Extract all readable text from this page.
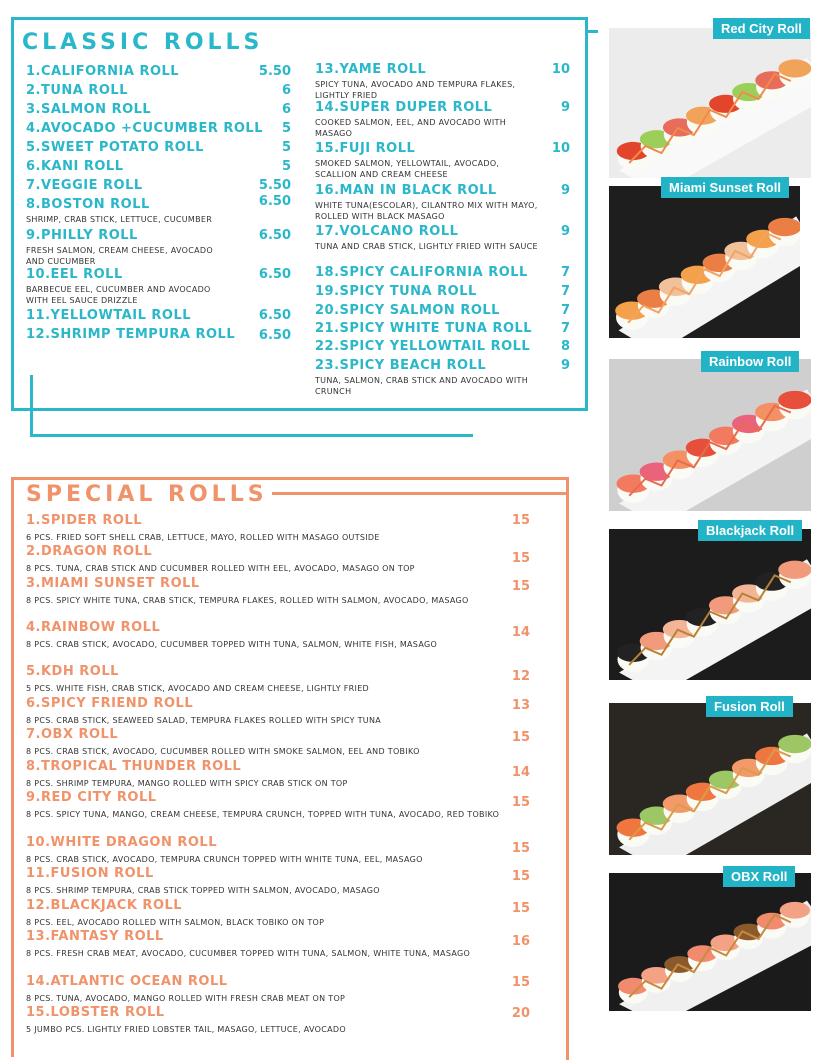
CLASSIC ROLLS
1.CALIFORNIA ROLL	5.50
2.TUNA ROLL	6
3.SALMON ROLL	6
4.AVOCADO +CUCUMBER ROLL 5
5.SWEET POTATO ROLL	5
6.KANI ROLL	5
7.VEGGIE ROLL	5.50
8.BOSTON ROLL	6.50
SHRIMP, CRAB STICK, LETTUCE, CUCUMBER
9.PHILLY ROLL	6.50
FRESH SALMON, CREAM CHEESE, AVOCADO AND CUCUMBER
10.EEL ROLL	6.50
BARBECUE EEL, CUCUMBER AND AVOCADO WITH EEL SAUCE DRIZZLE
11.YELLOWTAIL ROLL	6.50
12.SHRIMP TEMPURA ROLL 6.50
13.YAME ROLL	10
SPICY TUNA, AVOCADO AND TEMPURA FLAKES, LIGHTLY FRIED
14.SUPER DUPER ROLL	9
COOKED SALMON, EEL, AND AVOCADO WITH MASAGO
15.FUJI ROLL	10
SMOKED SALMON, YELLOWTAIL, AVOCADO, SCALLION AND CREAM CHEESE
16.MAN IN BLACK ROLL	9
WHITE TUNA(ESCOLAR), CILANTRO MIX WITH MAYO, ROLLED WITH BLACK MASAGO
17.VOLCANO ROLL	9
TUNA AND CRAB STICK, LIGHTLY FRIED WITH SAUCE
18.SPICY CALIFORNIA ROLL	7
19.SPICY TUNA ROLL	7
20.SPICY SALMON ROLL	7
21.SPICY WHITE TUNA ROLL 7
22.SPICY YELLOWTAIL ROLL 8
23.SPICY BEACH ROLL	9
TUNA, SALMON, CRAB STICK AND AVOCADO WITH CRUNCH
SPECIAL ROLLS
1.SPIDER ROLL	15
6 PCS. FRIED SOFT SHELL CRAB, LETTUCE, MAYO, ROLLED WITH MASAGO OUTSIDE
2.DRAGON ROLL	15
8 PCS. TUNA, CRAB STICK AND CUCUMBER ROLLED WITH EEL, AVOCADO, MASAGO ON TOP
3.MIAMI SUNSET ROLL	15
8 PCS. SPICY WHITE TUNA, CRAB STICK, TEMPURA FLAKES, ROLLED WITH SALMON, AVOCADO, MASAGO
4.RAINBOW ROLL	14
8 PCS. CRAB STICK, AVOCADO, CUCUMBER TOPPED WITH TUNA, SALMON, WHITE FISH, MASAGO
5.KDH ROLL	12
5 PCS. WHITE FISH, CRAB STICK, AVOCADO AND CREAM CHEESE, LIGHTLY FRIED
6.SPICY FRIEND ROLL	13
8 PCS. CRAB STICK, SEAWEED SALAD, TEMPURA FLAKES ROLLED WITH SPICY TUNA
7.OBX ROLL	15
8 PCS. CRAB STICK, AVOCADO, CUCUMBER ROLLED WITH SMOKE SALMON, EEL AND TOBIKO
8.TROPICAL THUNDER ROLL	14
8 PCS. SHRIMP TEMPURA, MANGO ROLLED WITH SPICY CRAB STICK ON TOP
9.RED CITY ROLL	15
8 PCS. SPICY TUNA, MANGO, CREAM CHEESE, TEMPURA CRUNCH, TOPPED WITH TUNA, AVOCADO, RED TOBIKO
10.WHITE DRAGON ROLL	15
8 PCS. CRAB STICK, AVOCADO, TEMPURA CRUNCH TOPPED WITH WHITE TUNA, EEL, MASAGO
11.FUSION ROLL	15
8 PCS. SHRIMP TEMPURA, CRAB STICK TOPPED WITH SALMON, AVOCADO, MASAGO
12.BLACKJACK ROLL	15
8 PCS. EEL, AVOCADO ROLLED WITH SALMON, BLACK TOBIKO ON TOP
13.FANTASY ROLL	16
8 PCS. FRESH CRAB MEAT, AVOCADO, CUCUMBER TOPPED WITH TUNA, SALMON, WHITE TUNA, MASAGO
14.ATLANTIC OCEAN ROLL	15
8 PCS. TUNA, AVOCADO, MANGO ROLLED WITH FRESH CRAB MEAT ON TOP
15.LOBSTER ROLL	20
5 JUMBO PCS. LIGHTLY FRIED LOBSTER TAIL, MASAGO, LETTUCE, AVOCADO
Red City Roll
Miami Sunset Roll
Rainbow Roll
Blackjack Roll
Fusion Roll
OBX Roll
